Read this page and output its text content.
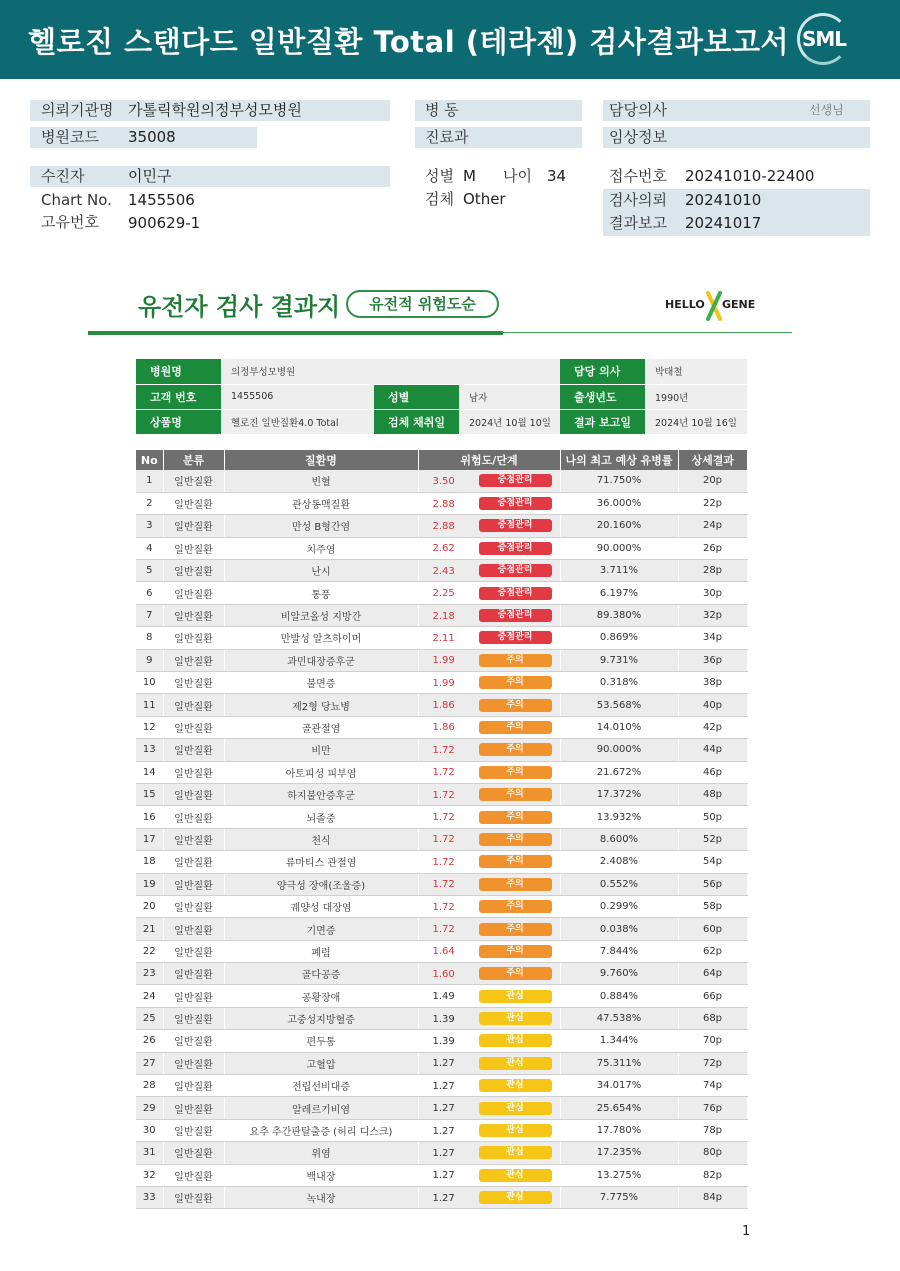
헬로진 스탠다드 일반질환 Total (테라젠) 검사결과보고서 SML
의뢰기관명 가톨릭학원의정부성모병원
병원코드 35008
수진자	이민구
Chart No. 1455506
고유번호 900629-1
병 동
진료과
성별 M 나이 34
검체 Other
담당의사	선생님
임상정보
접수번호 20241010-22400
검사의뢰 20241010
결과보고 20241017
유전자 검사 결과지	유전적 위험도순	HELLO GENE
병원명	의정부성모병원			담당 의사	박태철
고객 번호	1455506	성별	남자	출생년도	1990년
상품명	헬로진 일반질환4.0 Total	검체 채취일	2024년 10월 10일	결과 보고일	2024년 10월 16일
No	분류	질환명	위험도/단계	나의 최고 예상 유병률	상세결과
1	일반질환	빈혈	3.50 중점관리	71.750%	20p
2	일반질환	관상동맥질환	2.88 중점관리	36.000%	22p
3	일반질환	만성 B형간염	2.88 중점관리	20.160%	24p
4	일반질환	치주염	2.62 중점관리	90.000%	26p
5	일반질환	난시	2.43 중점관리	3.711%	28p
6	일반질환	통풍	2.25 중점관리	6.197%	30p
7	일반질환	비알코올성 지방간	2.18 중점관리	89.380%	32p
8	일반질환	만발성 알츠하이머	2.11 중점관리	0.869%	34p
9	일반질환	과민대장증후군	1.99 주의	9.731%	36p
10	일반질환	불면증	1.99 주의	0.318%	38p
11	일반질환	제2형 당뇨병	1.86 주의	53.568%	40p
12	일반질환	골관절염	1.86 주의	14.010%	42p
13	일반질환	비만	1.72 주의	90.000%	44p
14	일반질환	아토피성 피부염	1.72 주의	21.672%	46p
15	일반질환	하지불안증후군	1.72 주의	17.372%	48p
16	일반질환	뇌졸중	1.72 주의	13.932%	50p
17	일반질환	천식	1.72 주의	8.600%	52p
18	일반질환	류마티스 관절염	1.72 주의	2.408%	54p
19	일반질환	양극성 장애(조울증)	1.72 주의	0.552%	56p
20	일반질환	궤양성 대장염	1.72 주의	0.299%	58p
21	일반질환	기면증	1.72 주의	0.038%	60p
22	일반질환	폐렴	1.64 주의	7.844%	62p
23	일반질환	골다공증	1.60 주의	9.760%	64p
24	일반질환	공황장애	1.49 관심	0.884%	66p
25	일반질환	고중성지방혈증	1.39 관심	47.538%	68p
26	일반질환	편두통	1.39 관심	1.344%	70p
27	일반질환	고혈압	1.27 관심	75.311%	72p
28	일반질환	전립선비대증	1.27 관심	34.017%	74p
29	일반질환	알레르기비염	1.27 관심	25.654%	76p
30	일반질환	요추 추간판탈출증 (허리 디스크)	1.27 관심	17.780%	78p
31	일반질환	위염	1.27 관심	17.235%	80p
32	일반질환	백내장	1.27 관심	13.275%	82p
33	일반질환	녹내장	1.27 관심	7.775%	84p
1
